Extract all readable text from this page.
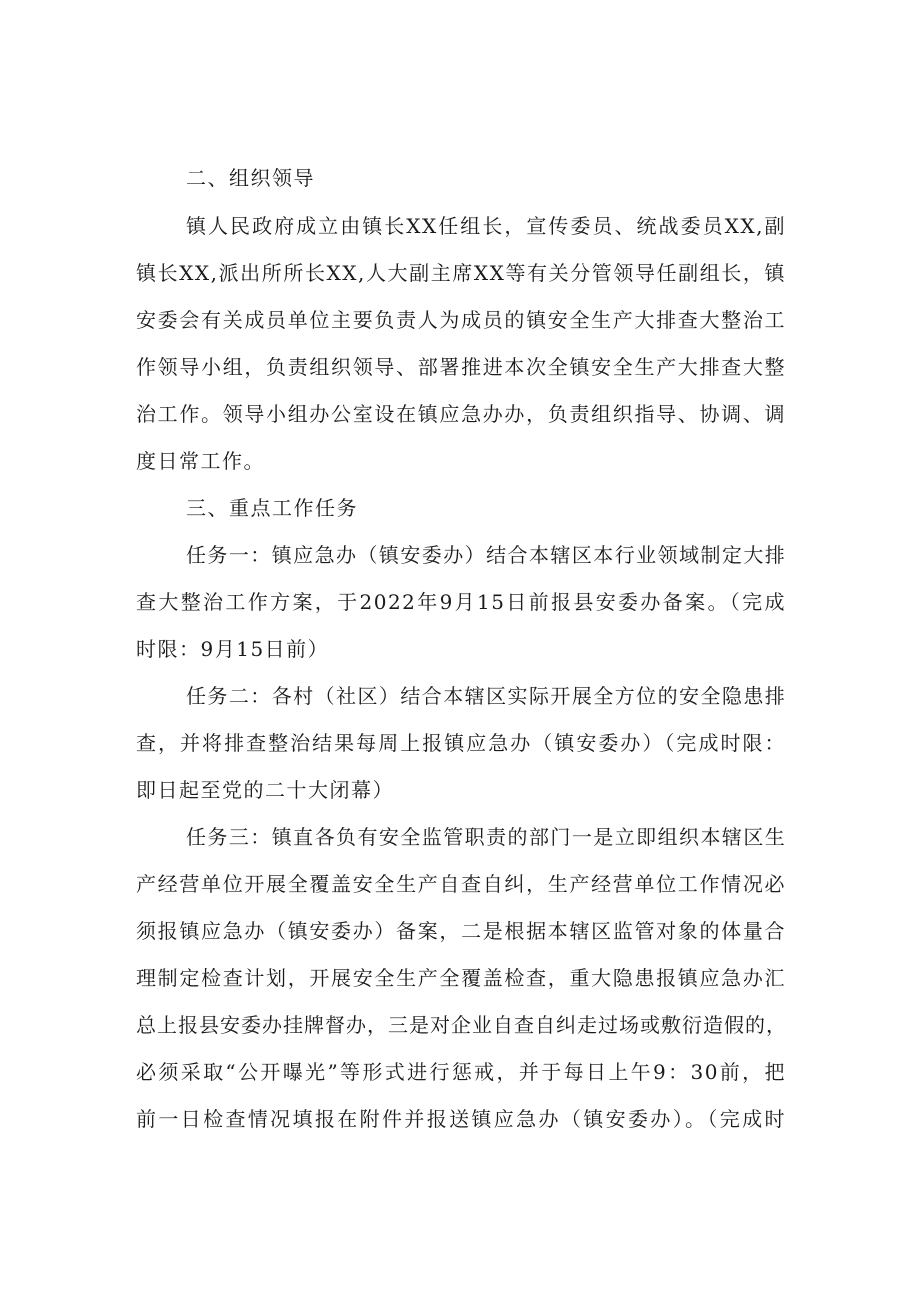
二、组织领导
镇人民政府成立由镇长XX任组长，宣传委员、统战委员XX,副
镇长XX,派出所所长XX,人大副主席XX等有关分管领导任副组长，镇
安委会有关成员单位主要负责人为成员的镇安全生产大排查大整治工
作领导小组，负责组织领导、部署推进本次全镇安全生产大排查大整
治工作。领导小组办公室设在镇应急办办，负责组织指导、协调、调
度日常工作。
三、重点工作任务
任务一：镇应急办（镇安委办）结合本辖区本行业领域制定大排
查大整治工作方案，于2022年9月15日前报县安委办备案。（完成
时限：9月15日前）
任务二：各村（社区）结合本辖区实际开展全方位的安全隐患排
查，并将排查整治结果每周上报镇应急办（镇安委办）（完成时限：
即日起至党的二十大闭幕）
任务三：镇直各负有安全监管职责的部门一是立即组织本辖区生
产经营单位开展全覆盖安全生产自查自纠，生产经营单位工作情况必
须报镇应急办（镇安委办）备案，二是根据本辖区监管对象的体量合
理制定检查计划，开展安全生产全覆盖检查，重大隐患报镇应急办汇
总上报县安委办挂牌督办，三是对企业自查自纠走过场或敷衍造假的，
必须采取“公开曝光”等形式进行惩戒，并于每日上午9：30前，把
前一日检查情况填报在附件并报送镇应急办（镇安委办）。（完成时
